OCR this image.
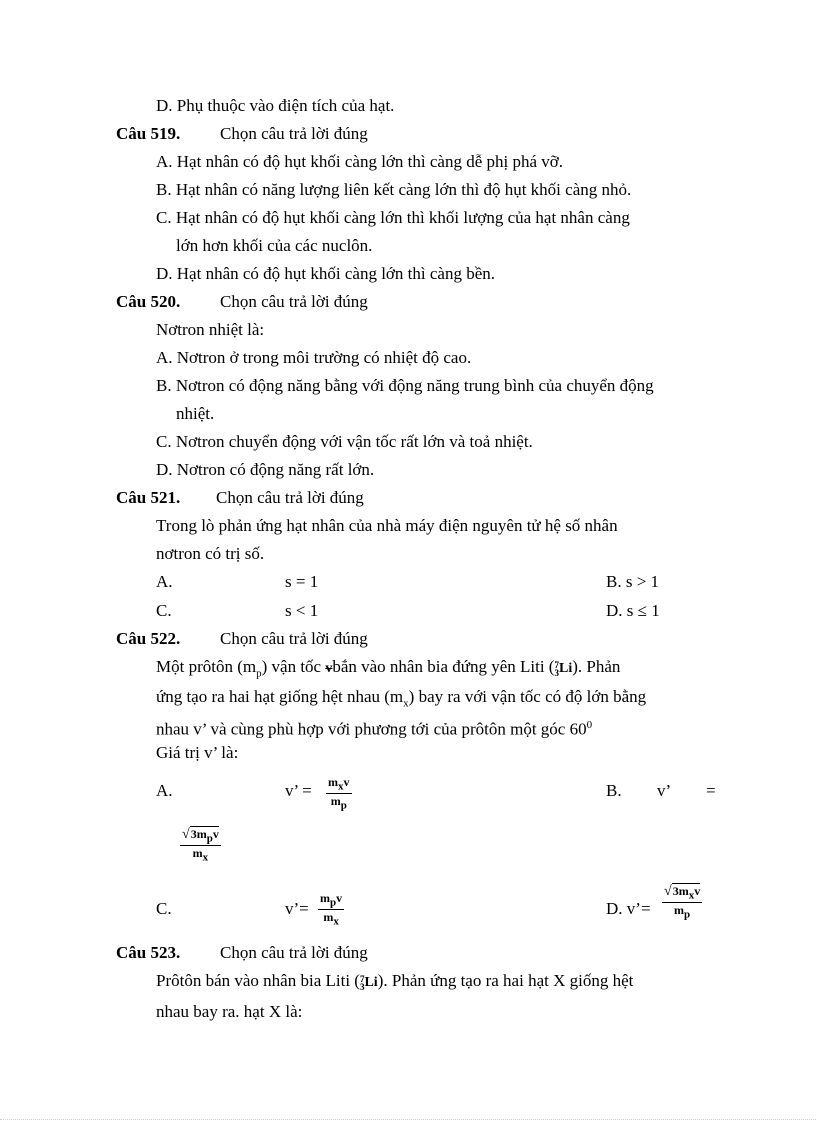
D. Phụ thuộc vào điện tích của hạt.
Câu 519. Chọn câu trả lời đúng
A. Hạt nhân có độ hụt khối càng lớn thì càng dễ phị phá vỡ.
B. Hạt nhân có năng lượng liên kết càng lớn thì độ hụt khối càng nhỏ.
C. Hạt nhân có độ hụt khối càng lớn thì khối lượng của hạt nhân càng
lớn hơn khối của các nuclôn.
D. Hạt nhân có độ hụt khối càng lớn thì càng bền.
Câu 520. Chọn câu trả lời đúng
Nơtron nhiệt là:
A. Nơtron ở trong môi trường có nhiệt độ cao.
B. Nơtron có động năng bằng với động năng trung bình của chuyển động
nhiệt.
C. Nơtron chuyển động với vận tốc rất lớn và toả nhiệt.
D. Nơtron có động năng rất lớn.
Câu 521. Chọn câu trả lời đúng
Trong lò phản ứng hạt nhân của nhà máy điện nguyên tử hệ số nhân
nơtron có trị số.
A.	s = 1	B. s > 1
C.	s < 1	D. s ≤ 1
Câu 522. Chọn câu trả lời đúng
Một prôtôn $(m_p)$ vận tốc vbắn vào nhân bia đứng yên Liti ( 7
3 Li). Phản
ứng tạo ra hai hạt giống hệt nhau $(m_x)$ bay ra với vận tốc có độ lớn bằng
nhau v’ và cùng phù hợp với phương tới của prôtôn một góc $60^0$
Giá trị v’ là:
A.	v’ = $m_xv$
$m_p$
B. v’ =
$√3m_pv$
$m_x$
C.	v’=
$m_pv$
$m_x$
D. v’=
$√3m_xv$
$m_p$
Câu 523. Chọn câu trả lời đúng
Prôtôn bán vào nhân bia Liti ( 7
3 Li). Phản ứng tạo ra hai hạt X giống hệt
nhau bay ra. hạt X là:
